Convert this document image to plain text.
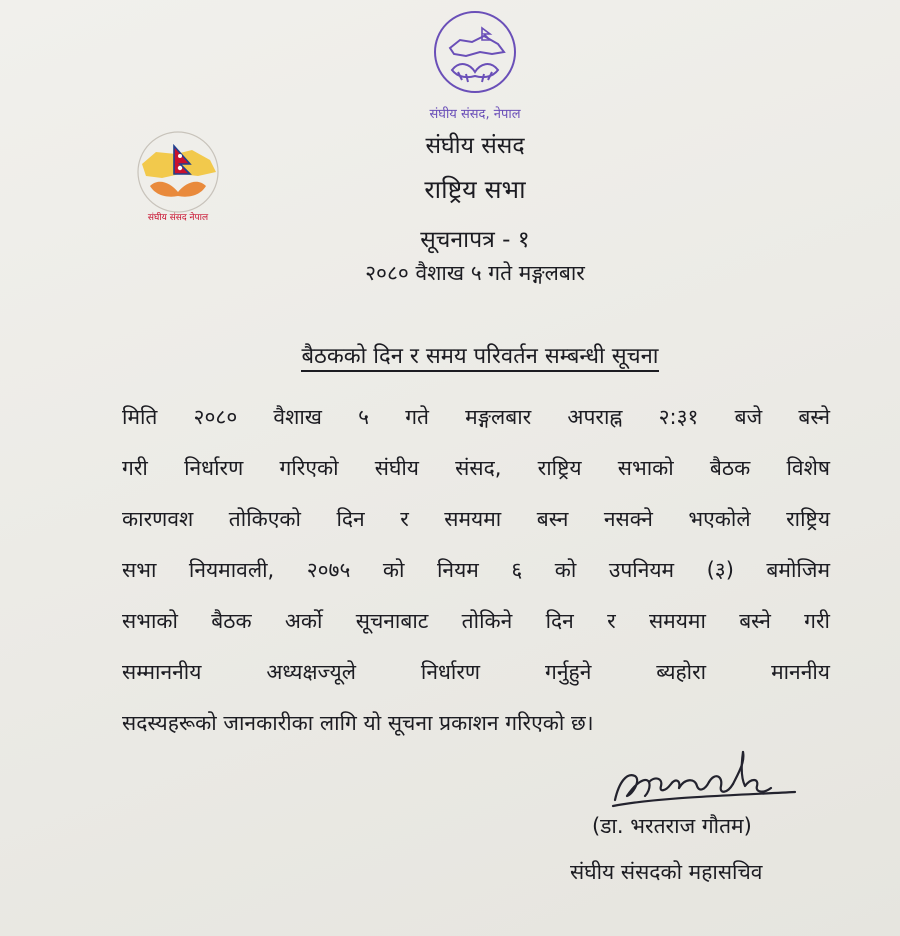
संघीय संसद, नेपाल
संघीय संसद नेपाल
संघीय संसद
राष्ट्रिय सभा
सूचनापत्र - १
२०८० वैशाख ५ गते मङ्गलबार
बैठकको दिन र समय परिवर्तन सम्बन्धी सूचना
मिति २०८० वैशाख ५ गते मङ्गलबार अपराह्न २:३१ बजे बस्ने
गरी निर्धारण गरिएको संघीय संसद, राष्ट्रिय सभाको बैठक विशेष
कारणवश तोकिएको दिन र समयमा बस्न नसक्ने भएकोले राष्ट्रिय
सभा नियमावली, २०७५ को नियम ६ को उपनियम (३) बमोजिम
सभाको बैठक अर्को सूचनाबाट तोकिने दिन र समयमा बस्ने गरी
सम्माननीय अध्यक्षज्यूले निर्धारण गर्नुहुने ब्यहोरा माननीय
सदस्यहरूको जानकारीका लागि यो सूचना प्रकाशन गरिएको छ।
(डा. भरतराज गौतम)
संघीय संसदको महासचिव
